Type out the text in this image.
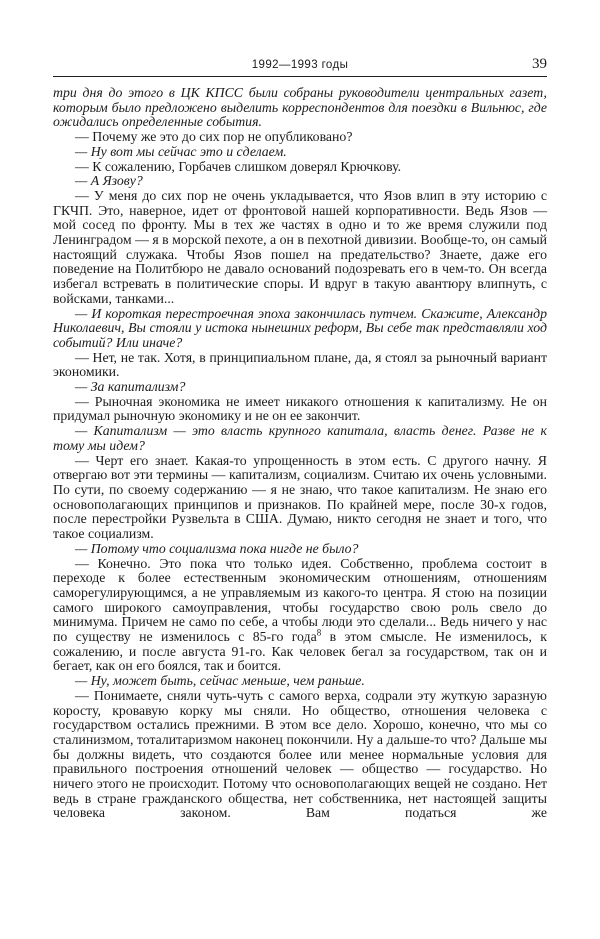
1992—1993 годы	39

три дня до этого в ЦК КПСС были собраны руководители центральных газет, которым было предложено выделить корреспондентов для поездки в Вильнюс, где ожидались определенные события.

— Почему же это до сих пор не опубликовано?

— Ну вот мы сейчас это и сделаем.

— К сожалению, Горбачев слишком доверял Крючкову.

— А Язову?

— У меня до сих пор не очень укладывается, что Язов влип в эту историю с ГКЧП. Это, наверное, идет от фронтовой нашей корпоративности. Ведь Язов — мой сосед по фронту. Мы в тех же частях в одно и то же время служили под Ленинградом — я в морской пехоте, а он в пехотной дивизии. Вообще-то, он самый настоящий служака. Чтобы Язов пошел на предательство? Знаете, даже его поведение на Политбюро не давало оснований подозревать его в чем-то. Он всегда избегал встревать в политические споры. И вдруг в такую авантюру влипнуть, с войсками, танками...

— И короткая перестроечная эпоха закончилась путчем. Скажите, Александр Николаевич, Вы стояли у истока нынешних реформ, Вы себе так представляли ход событий? Или иначе?

— Нет, не так. Хотя, в принципиальном плане, да, я стоял за рыночный вариант экономики.

— За капитализм?

— Рыночная экономика не имеет никакого отношения к капитализму. Не он придумал рыночную экономику и не он ее закончит.

— Капитализм — это власть крупного капитала, власть денег. Разве не к тому мы идем?

— Черт его знает. Какая-то упрощенность в этом есть. С другого начну. Я отвергаю вот эти термины — капитализм, социализм. Считаю их очень условными. По сути, по своему содержанию — я не знаю, что такое капитализм. Не знаю его основополагающих принципов и признаков. По крайней мере, после 30-х годов, после перестройки Рузвельта в США. Думаю, никто сегодня не знает и того, что такое социализм.

— Потому что социализма пока нигде не было?

— Конечно. Это пока что только идея. Собственно, проблема состоит в переходе к более естественным экономическим отношениям, отношениям саморегулирующимся, а не управляемым из какого-то центра. Я стою на позиции самого широкого самоуправления, чтобы государство свою роль свело до минимума. Причем не само по себе, а чтобы люди это сделали... Ведь ничего у нас по существу не изменилось с 85-го года$^8$ в этом смысле. Не изменилось, к сожалению, и после августа 91-го. Как человек бегал за государством, так он и бегает, как он его боялся, так и боится.

— Ну, может быть, сейчас меньше, чем раньше.

— Понимаете, сняли чуть-чуть с самого верха, содрали эту жуткую заразную коросту, кровавую корку мы сняли. Но общество, отношения человека с государством остались прежними. В этом все дело. Хорошо, конечно, что мы со сталинизмом, тоталитаризмом наконец покончили. Ну а дальше-то что? Дальше мы бы должны видеть, что создаются более или менее нормальные условия для правильного построения отношений человек — общество — государство. Но ничего этого не происходит. Потому что основополагающих вещей не создано. Нет ведь в стране гражданского общества, нет собственника, нет настоящей защиты человека законом. Вам податься же
